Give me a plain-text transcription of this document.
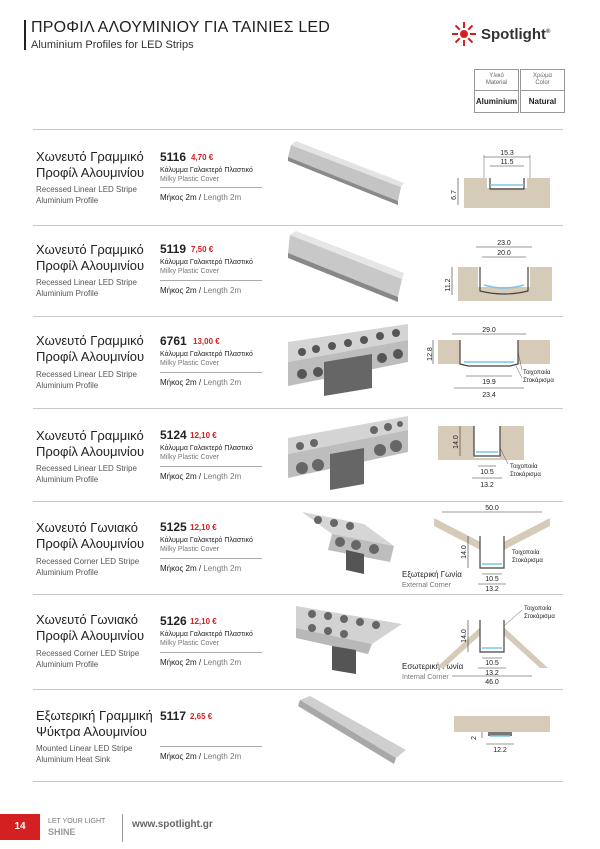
ΠΡΟΦΙΛ ΑΛΟΥΜΙΝΙΟΥ ΓΙΑ ΤΑΙΝΙΕΣ LED
Aluminium Profiles for LED Strips
Spotlight®
Υλικό
Material
Aluminium
Χρώμα
Color
Natural
Χωνευτό Γραμμικό
Προφίλ Αλουμινίου
Recessed Linear LED Stripe
Aluminium Profile
5116 4,70 €
Κάλυμμα Γαλακτερό Πλαστικό
Milky Plastic Cover
Μήκος 2m / Length 2m
15.3
11.5
6.7
Χωνευτό Γραμμικό
Προφίλ Αλουμινίου
Recessed Linear LED Stripe
Aluminium Profile
5119 7,50 €
Κάλυμμα Γαλακτερό Πλαστικό
Milky Plastic Cover
Μήκος 2m / Length 2m
23.0
20.0
11.2
Χωνευτό Γραμμικό
Προφίλ Αλουμινίου
Recessed Linear LED Stripe
Aluminium Profile
6761 13,00 €
Κάλυμμα Γαλακτερό Πλαστικό
Milky Plastic Cover
Μήκος 2m / Length 2m
29.0
12.8
19.9
23.4
Τοιχοποιία
Στοκάρισμα
Χωνευτό Γραμμικό
Προφίλ Αλουμινίου
Recessed Linear LED Stripe
Aluminium Profile
5124 12,10 €
Κάλυμμα Γαλακτερό Πλαστικό
Milky Plastic Cover
Μήκος 2m / Length 2m	10.5
13.2
14.0
Τοιχοποιία
Στοκάρισμα
Χωνευτό Γωνιακό
Προφίλ Αλουμινίου
Recessed Corner LED Stripe
Aluminium Profile
5125 12,10 €
Κάλυμμα Γαλακτερό Πλαστικό
Milky Plastic Cover
Μήκος 2m / Length 2m
Εξωτερική Γωνία
External Corner
50.0
14.0
10.5
13.2
Τοιχοποιία
Στοκάρισμα
Χωνευτό Γωνιακό
Προφίλ Αλουμινίου
Recessed Corner LED Stripe
Aluminium Profile
5126 12,10 €
Κάλυμμα Γαλακτερό Πλαστικό
Milky Plastic Cover
Μήκος 2m / Length 2m	Εσωτερική Γωνία
Internal Corner
14.0
10.5
13.2
46.0
Τοιχοποιία
Στοκάρισμα
Εξωτερική Γραμμική
Ψύκτρα Αλουμινίου
Mounted Linear LED Stripe
Aluminium Heat Sink
5117 2,65 €
Μήκος 2m / Length 2m
2
12.2
14	LET YOUR LIGHT
SHINE
www.spotlight.gr
